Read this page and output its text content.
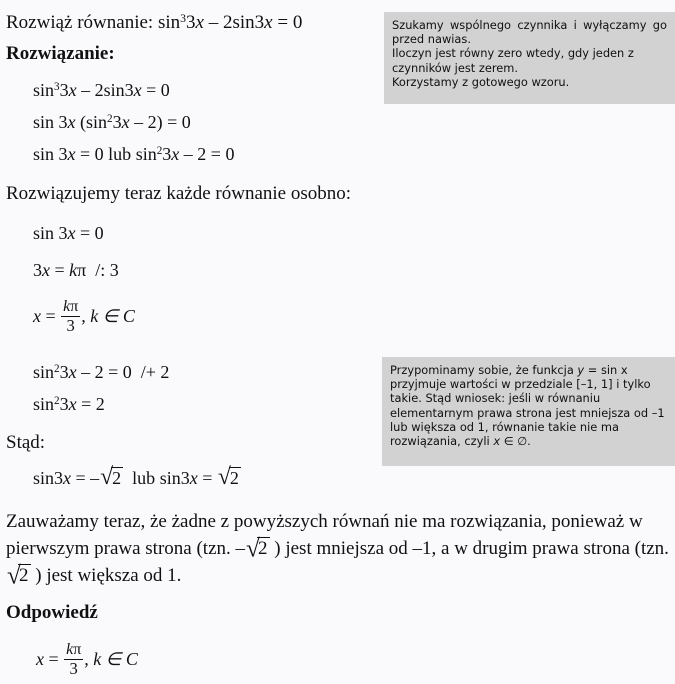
Rozwiąż równanie: $\sin^33x - 2\sin 3x = 0$
Rozwiązanie:
$\sin^33x - 2\sin 3x = 0$
sin 3x $(\sin^23x - 2) = 0$
sin 3x = 0 lub $\sin^23x - 2 = 0$
Rozwiązujemy teraz każde równanie osobno:
sin 3x = 0
3x = kπ /: 3
$x = \frac{k\pi}{3}$ , k ∈ C
$\sin^23x - 2 = 0 /+ 2$
$\sin^23x = 2$
Stąd:
sin3x = – √
2 lub sin3x = √
2
Zauważamy teraz, że żadne z powyższych równań nie ma rozwiązania, ponieważ w pierwszym prawa strona (tzn. – √
2 ) jest mniejsza od –1, a w drugim prawa strona (tzn.
√
2 ) jest większa od 1.
Odpowiedź
$x = \frac{k\pi}{3}$ , k ∈ C

Szukamy wspólnego czynnika i wyłączamy go przed nawias.

Iloczyn jest równy zero wtedy, gdy jeden z czynników jest zerem.

Korzystamy z gotowego wzoru.

Przypominamy sobie, że funkcja y = sin x przyjmuje wartości w przedziale [–1, 1] i tylko takie. Stąd wniosek: jeśli w równaniu elementarnym prawa strona jest mniejsza od –1 lub większa od 1, równanie takie nie ma rozwiązania, czyli x ∈ ∅.
